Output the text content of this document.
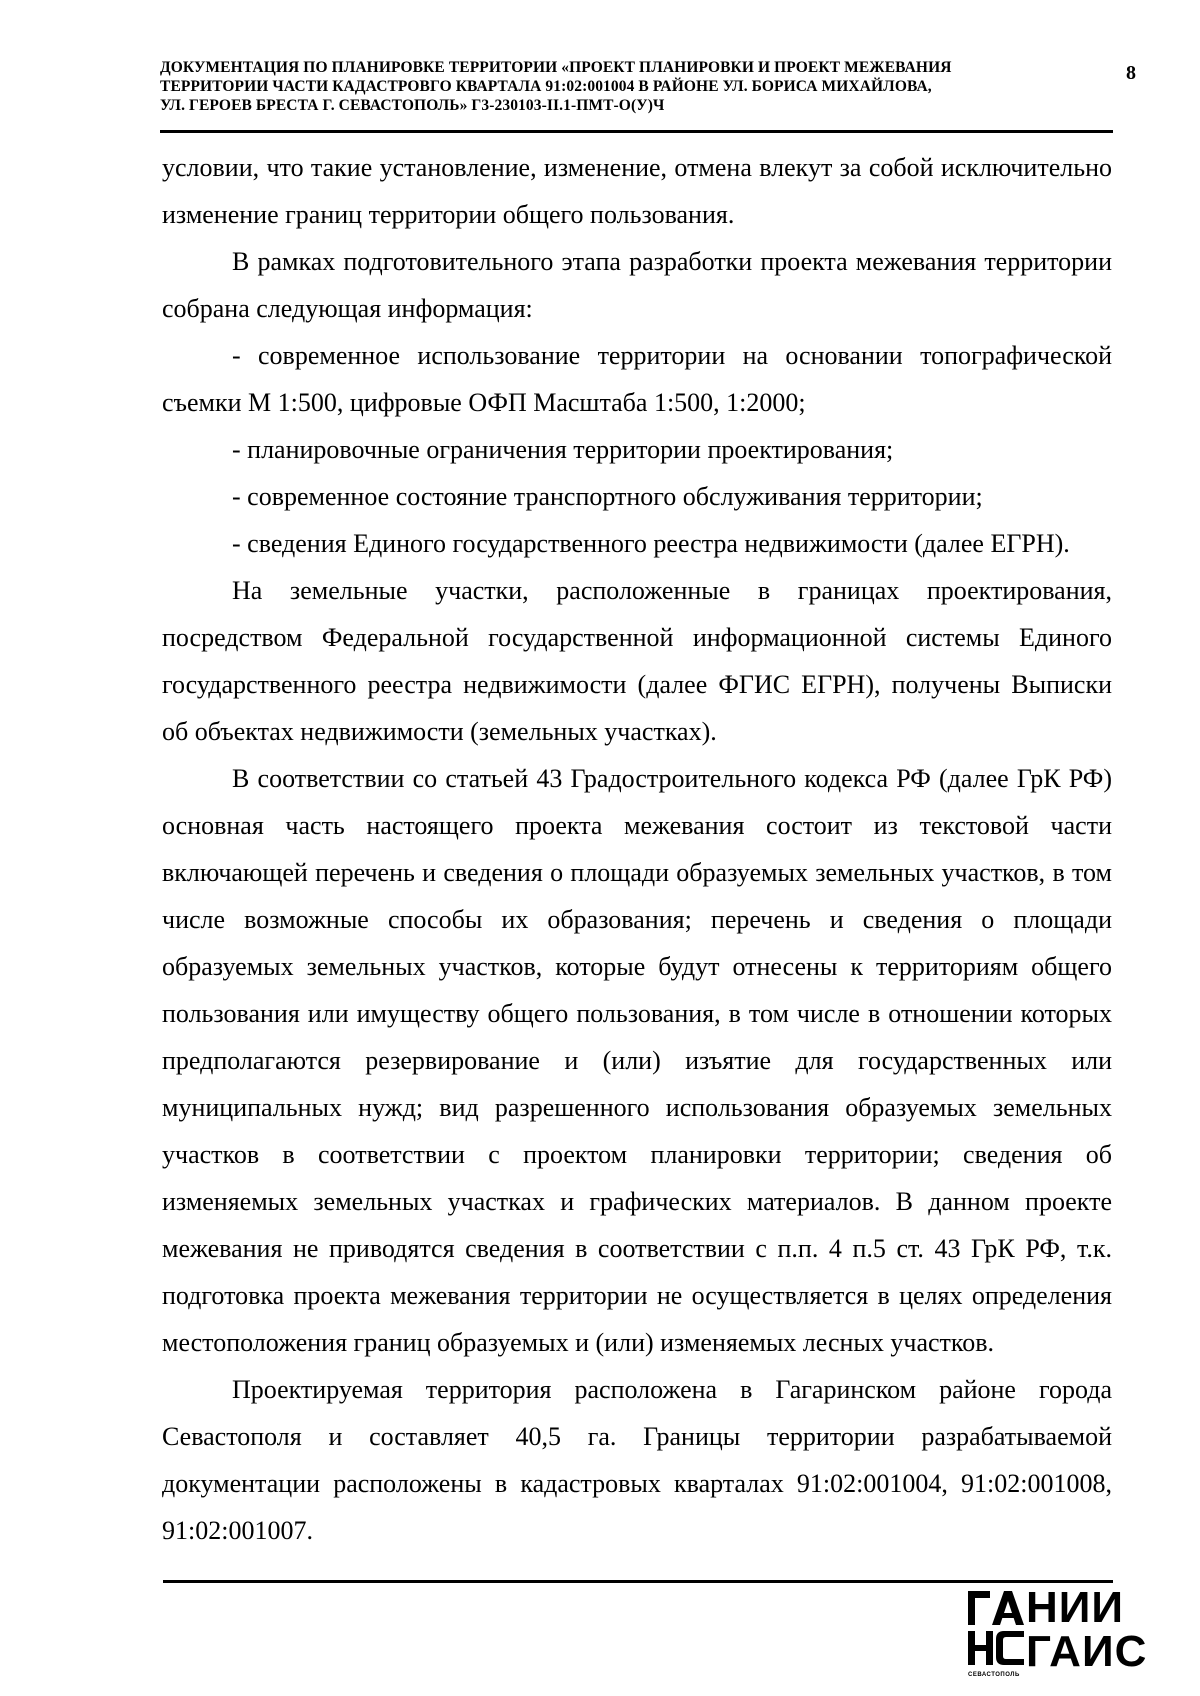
ДОКУМЕНТАЦИЯ ПО ПЛАНИРОВКЕ ТЕРРИТОРИИ «ПРОЕКТ ПЛАНИРОВКИ И ПРОЕКТ МЕЖЕВАНИЯ
ТЕРРИТОРИИ ЧАСТИ КАДАСТРОВГО КВАРТАЛА 91:02:001004 В РАЙОНЕ УЛ. БОРИСА МИХАЙЛОВА,
УЛ. ГЕРОЕВ БРЕСТА Г. СЕВАСТОПОЛЬ» Г3-230103-II.1-ПМТ-О(У)Ч
8

условии, что такие установление, изменение, отмена влекут за собой исключительно изменение границ территории общего пользования.

В рамках подготовительного этапа разработки проекта межевания территории собрана следующая информация:

- современное использование территории на основании топографической съемки М 1:500, цифровые ОФП Масштаба 1:500, 1:2000;

- планировочные ограничения территории проектирования;

- современное состояние транспортного обслуживания территории;

- сведения Единого государственного реестра недвижимости (далее ЕГРН).

На земельные участки, расположенные в границах проектирования, посредством Федеральной государственной информационной системы Единого государственного реестра недвижимости (далее ФГИС ЕГРН), получены Выписки об объектах недвижимости (земельных участках).

В соответствии со статьей 43 Градостроительного кодекса РФ (далее ГрК РФ) основная часть настоящего проекта межевания состоит из текстовой части включающей перечень и сведения о площади образуемых земельных участков, в том числе возможные способы их образования; перечень и сведения о площади образуемых земельных участков, которые будут отнесены к территориям общего пользования или имуществу общего пользования, в том числе в отношении которых предполагаются резервирование и (или) изъятие для государственных или муниципальных нужд; вид разрешенного использования образуемых земельных участков в соответствии с проектом планировки территории; сведения об изменяемых земельных участках и графических материалов. В данном проекте межевания не приводятся сведения в соответствии с п.п. 4 п.5 ст. 43 ГрК РФ, т.к. подготовка проекта межевания территории не осуществляется в целях определения местоположения границ образуемых и (или) изменяемых лесных участков.

Проектируемая территория расположена в Гагаринском районе города Севастополя и составляет 40,5 га. Границы территории разрабатываемой документации расположены в кадастровых кварталах 91:02:001004, 91:02:001008, 91:02:001007.

НИИ
ГАИС
СЕВАСТОПОЛЬ
